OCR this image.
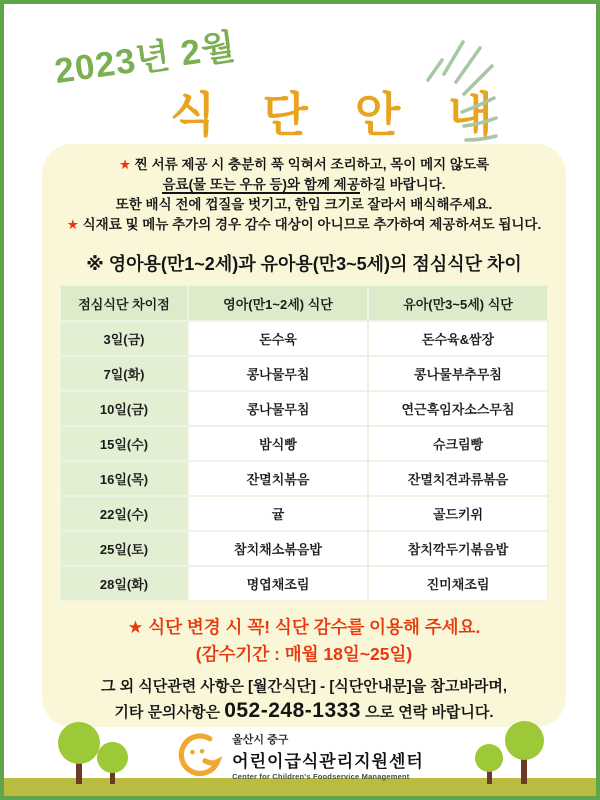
2023년 2월
식 단 안 내
★ 찐 서류 제공 시 충분히 푹 익혀서 조리하고, 목이 메지 않도록
음료(물 또는 우유 등)와 함께 제공하길 바랍니다.
또한 배식 전에 껍질을 벗기고, 한입 크기로 잘라서 배식해주세요.
★ 식재료 및 메뉴 추가의 경우 감수 대상이 아니므로 추가하여 제공하셔도 됩니다.
※ 영아용(만1~2세)과 유아용(만3~5세)의 점심식단 차이
점심식단 차이점	영아(만1~2세) 식단	유아(만3~5세) 식단
3일(금)	돈수육	돈수육&쌈장
7일(화)	콩나물무침	콩나물부추무침
10일(금)	콩나물무침	연근흑임자소스무침
15일(수)	밤식빵	슈크림빵
16일(목)	잔멸치볶음	잔멸치견과류볶음
22일(수)	귤	골드키위
25일(토)	참치채소볶음밥	참치깍두기볶음밥
28일(화)	명엽채조림	진미채조림
★ 식단 변경 시 꼭! 식단 감수를 이용해 주세요.
(감수기간 : 매월 18일~25일)
그 외 식단관련 사항은 [월간식단] - [식단안내문]을 참고바라며,
기타 문의사항은 052-248-1333 으로 연락 바랍니다.
울산시 중구
어린이급식관리지원센터
Center for Children's Foodservice Management
